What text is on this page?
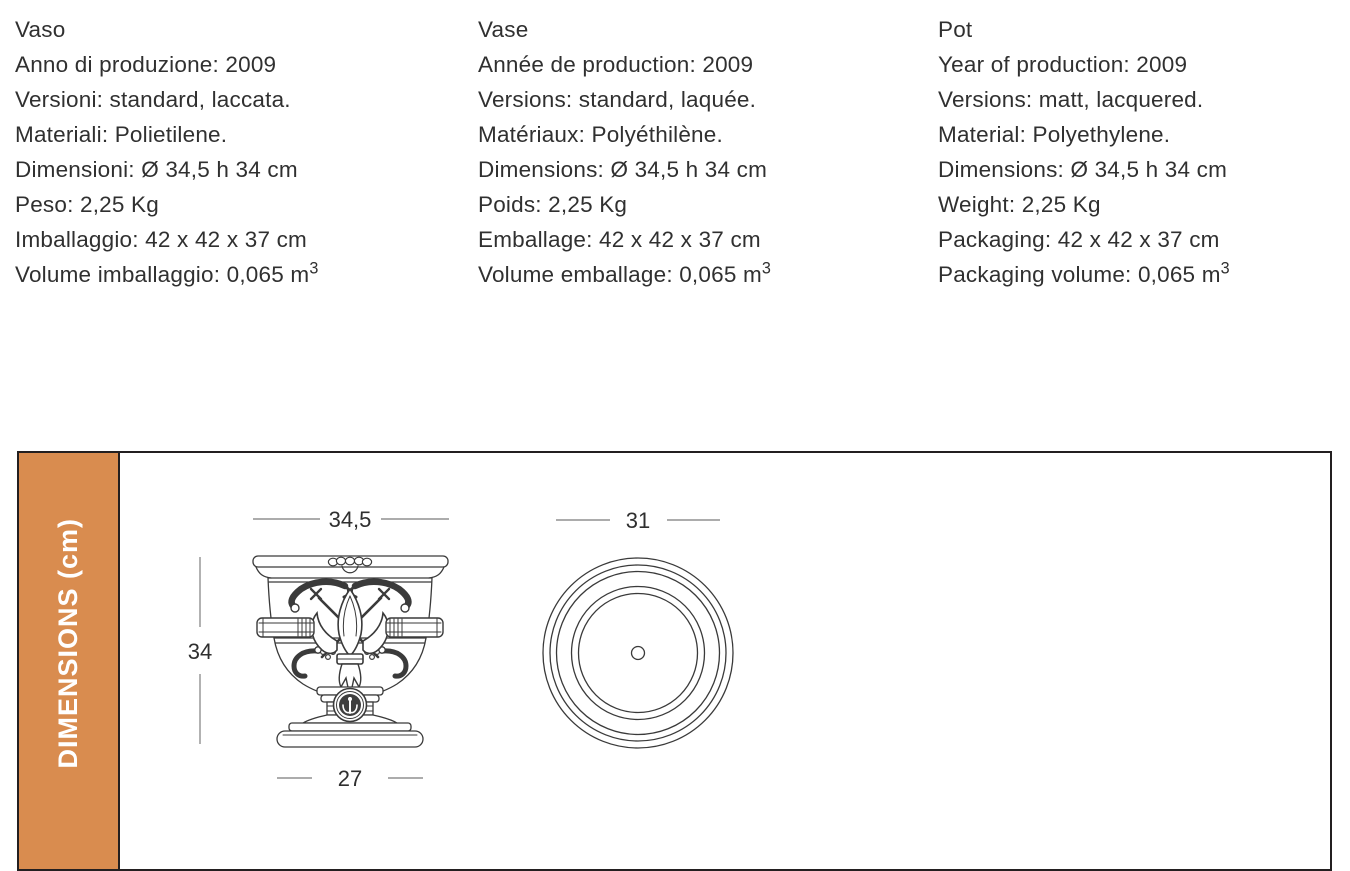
Vaso
Anno di produzione: 2009
Versioni: standard, laccata.
Materiali: Polietilene.
Dimensioni: Ø 34,5 h 34 cm
Peso: 2,25 Kg
Imballaggio: 42 x 42 x 37 cm
Volume imballaggio: 0,065 $m^3$
Vase
Année de production: 2009
Versions: standard, laquée.
Matériaux: Polyéthilène.
Dimensions: Ø 34,5 h 34 cm
Poids: 2,25 Kg
Emballage: 42 x 42 x 37 cm
Volume emballage: 0,065 $m^3$
Pot
Year of production: 2009
Versions: matt, lacquered.
Material: Polyethylene.
Dimensions: Ø 34,5 h 34 cm
Weight: 2,25 Kg
Packaging: 42 x 42 x 37 cm
Packaging volume: 0,065 $m^3$
DIMENSIONS (cm)	34,5	31
34
27
